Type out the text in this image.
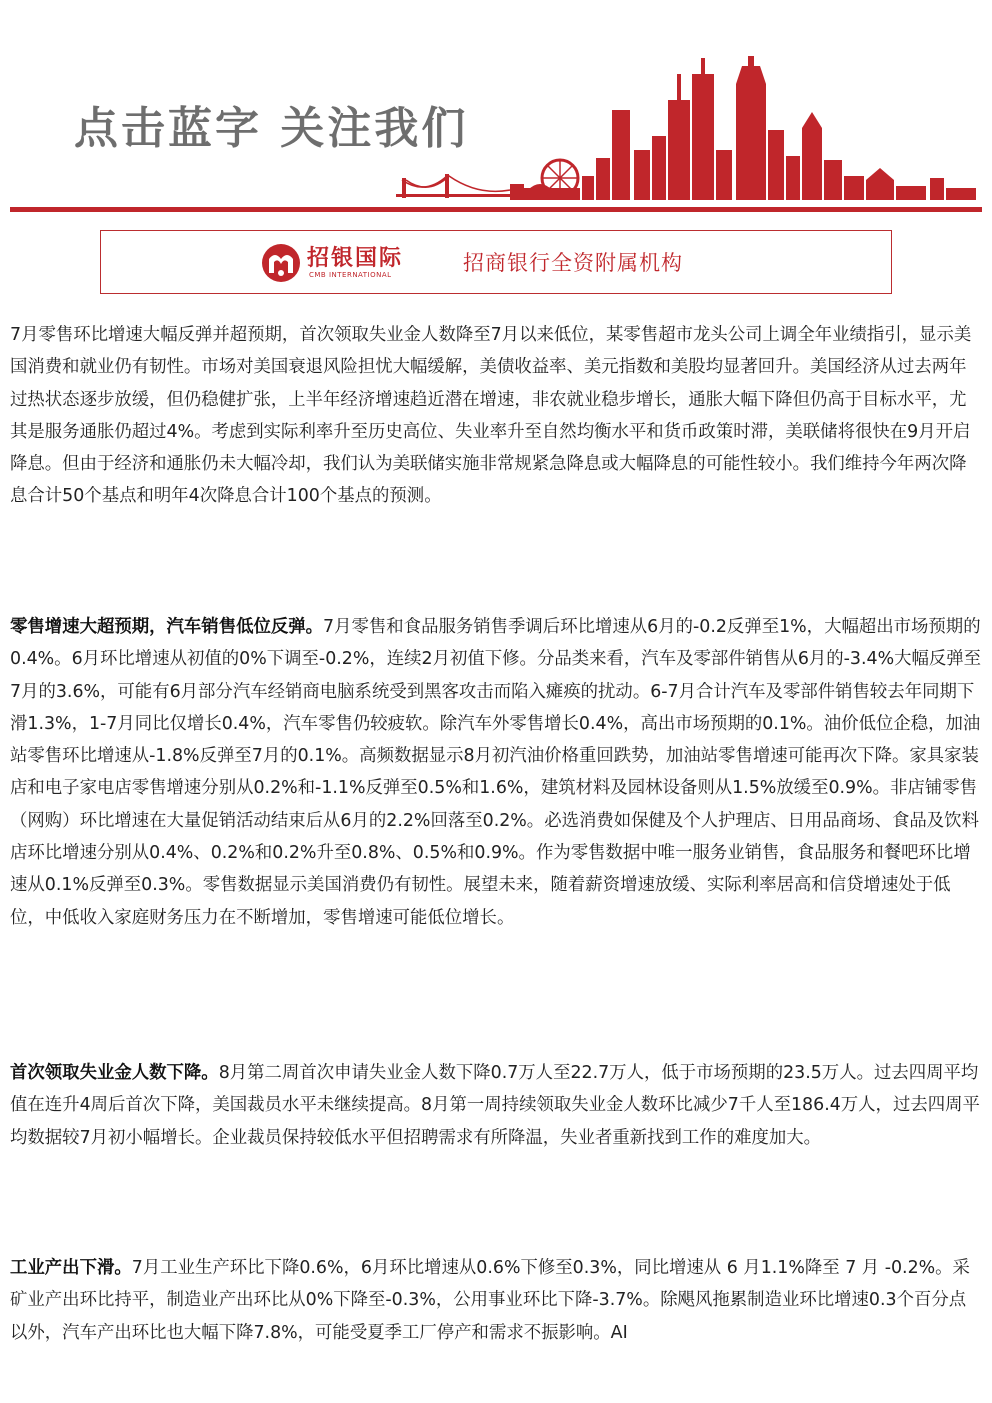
点击蓝字 关注我们
招银国际
CMB INTERNATIONAL	招商银行全资附属机构

7月零售环比增速大幅反弹并超预期，首次领取失业金人数降至7月以来低位，某零售超市龙头公司上调全年业绩指引，显示美国消费和就业仍有韧性。市场对美国衰退风险担忧大幅缓解，美债收益率、美元指数和美股均显著回升。美国经济从过去两年过热状态逐步放缓，但仍稳健扩张，上半年经济增速趋近潜在增速，非农就业稳步增长，通胀大幅下降但仍高于目标水平，尤其是服务通胀仍超过4%。考虑到实际利率升至历史高位、失业率升至自然均衡水平和货币政策时滞，美联储将很快在9月开启降息。但由于经济和通胀仍未大幅冷却，我们认为美联储实施非常规紧急降息或大幅降息的可能性较小。我们维持今年两次降息合计50个基点和明年4次降息合计100个基点的预测。

零售增速大超预期，汽车销售低位反弹。7月零售和食品服务销售季调后环比增速从6月的-0.2反弹至1%，大幅超出市场预期的0.4%。6月环比增速从初值的0%下调至-0.2%，连续2月初值下修。分品类来看，汽车及零部件销售从6月的-3.4%大幅反弹至7月的3.6%，可能有6月部分汽车经销商电脑系统受到黑客攻击而陷入瘫痪的扰动。6-7月合计汽车及零部件销售较去年同期下滑1.3%，1-7月同比仅增长0.4%，汽车零售仍较疲软。除汽车外零售增长0.4%，高出市场预期的0.1%。油价低位企稳，加油站零售环比增速从-1.8%反弹至7月的0.1%。高频数据显示8月初汽油价格重回跌势，加油站零售增速可能再次下降。家具家装店和电子家电店零售增速分别从0.2%和-1.1%反弹至0.5%和1.6%，建筑材料及园林设备则从1.5%放缓至0.9%。非店铺零售（网购）环比增速在大量促销活动结束后从6月的2.2%回落至0.2%。必选消费如保健及个人护理店、日用品商场、食品及饮料店环比增速分别从0.4%、0.2%和0.2%升至0.8%、0.5%和0.9%。作为零售数据中唯一服务业销售，食品服务和餐吧环比增速从0.1%反弹至0.3%。零售数据显示美国消费仍有韧性。展望未来，随着薪资增速放缓、实际利率居高和信贷增速处于低位，中低收入家庭财务压力在不断增加，零售增速可能低位增长。

首次领取失业金人数下降。8月第二周首次申请失业金人数下降0.7万人至22.7万人，低于市场预期的23.5万人。过去四周平均值在连升4周后首次下降，美国裁员水平未继续提高。8月第一周持续领取失业金人数环比减少7千人至186.4万人，过去四周平均数据较7月初小幅增长。企业裁员保持较低水平但招聘需求有所降温，失业者重新找到工作的难度加大。

工业产出下滑。7月工业生产环比下降0.6%，6月环比增速从0.6%下修至0.3%，同比增速从 6 月1.1%降至 7 月 -0.2%。采矿业产出环比持平，制造业产出环比从0%下降至-0.3%，公用事业环比下降-3.7%。除飓风拖累制造业环比增速0.3个百分点以外，汽车产出环比也大幅下降7.8%，可能受夏季工厂停产和需求不振影响。AI
